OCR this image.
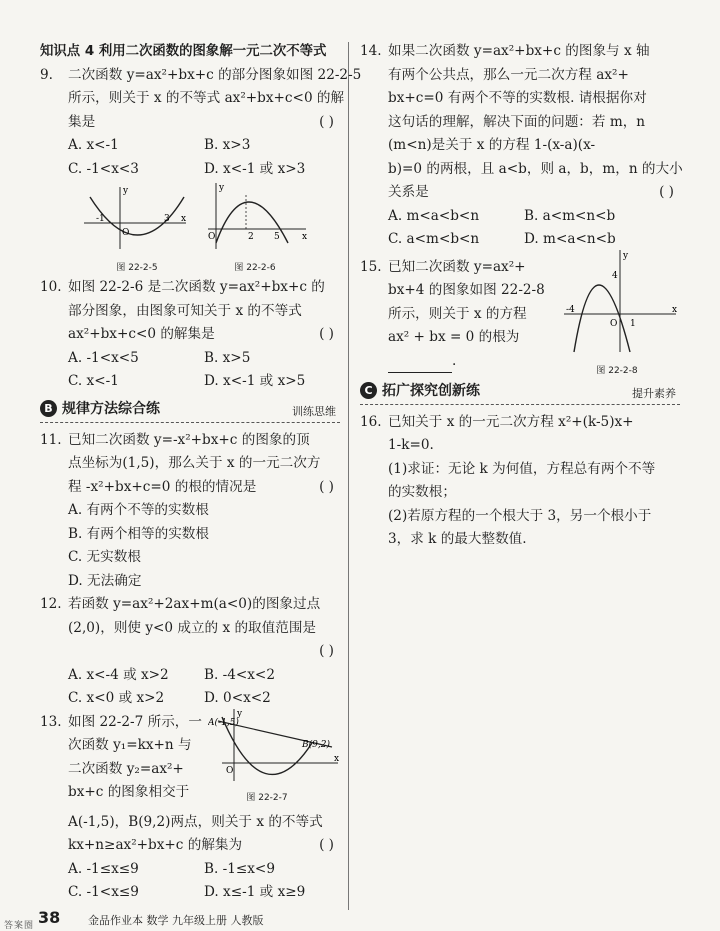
知识点 4 利用二次函数的图象解一元二次不等式
9. 二次函数 y=ax²+bx+c 的部分图象如图 22-2-5
所示，则关于 x 的不等式 ax²+bx+c<0 的解
集是	( )
A. x<-1	B. x>3
C. -1<x<3	D. x<-1 或 x>3
x
y
O
-1	3
x
y
O	2 5
图 22-2-5	图 22-2-6
10. 如图 22-2-6 是二次函数 y=ax²+bx+c 的
部分图象，由图象可知关于 x 的不等式
ax²+bx+c<0 的解集是	( )
A. -1<x<5	B. x>5
C. x<-1	D. x<-1 或 x>5
B 规律方法综合练	训练思维
11. 已知二次函数 y=-x²+bx+c 的图象的顶
点坐标为(1,5)，那么关于 x 的一元二次方
程 -x²+bx+c=0 的根的情况是	( )
A. 有两个不等的实数根
B. 有两个相等的实数根
C. 无实数根
D. 无法确定
12. 若函数 y=ax²+2ax+m(a<0)的图象过点
(2,0)，则使 y<0 成立的 x 的取值范围是
( )

A. x<-4 或 x>2	B. -4<x<2
C. x<0 或 x>2	D. 0<x<2
13. 如图 22-2-7 所示，一
次函数 y₁=kx+n 与
二次函数 y₂=ax²+
bx+c 的图象相交于
A(-1,5)
B(9,2)
x
y
O
图 22-2-7
A(-1,5)，B(9,2)两点，则关于 x 的不等式
kx+n≥ax²+bx+c 的解集为	( )
A. -1≤x≤9	B. -1≤x<9
C. -1<x≤9	D. x≤-1 或 x≥9
14. 如果二次函数 y=ax²+bx+c 的图象与 x 轴
有两个公共点，那么一元二次方程 ax²+
bx+c=0 有两个不等的实数根. 请根据你对
这句话的理解，解决下面的问题：若 m，n
(m<n)是关于 x 的方程 1-(x-a)(x-
b)=0 的两根，且 a<b，则 a，b，m，n 的大小
关系是	( )
A. m<a<b<n	B. a<m<n<b
C. a<m<b<n	D. m<a<n<b
15. 已知二次函数 y=ax²+
bx+4 的图象如图 22-2-8
所示，则关于 x 的方程
ax² + bx = 0 的根为
.
y
x
O
4
-4
1
图 22-2-8
C 拓广探究创新练	提升素养
16. 已知关于 x 的一元二次方程 x²+(k-5)x+
1-k=0.
(1)求证：无论 k 为何值，方程总有两个不等
的实数根；
(2)若原方程的一个根大于 3，另一个根小于
3，求 k 的最大整数值.
答案圈 38	金品作业本 数学 九年级上册 人教版
